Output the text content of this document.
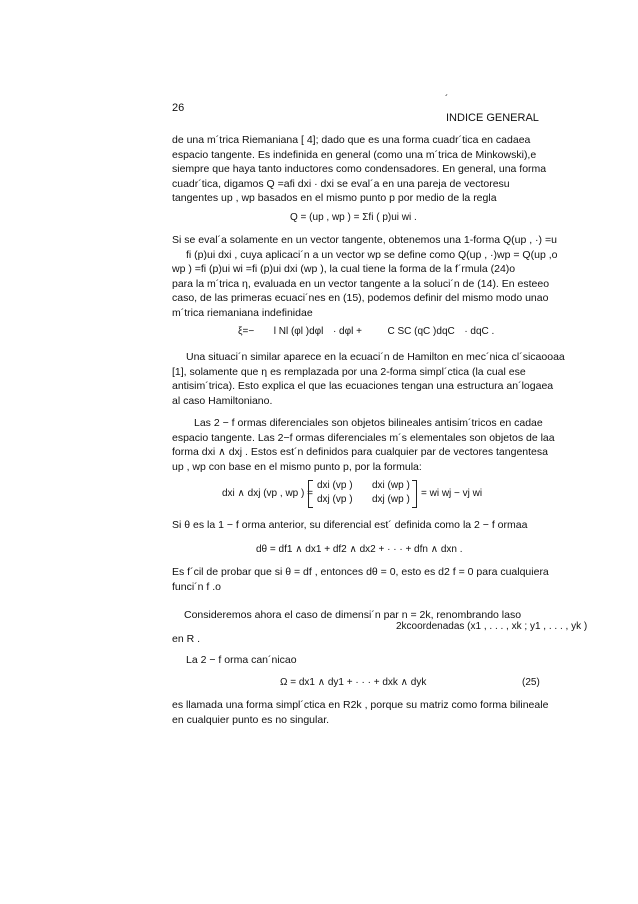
26
´
INDICE GENERAL
de una m´trica Riemaniana [ 4]; dado que es una forma cuadr´tica en cadaea
espacio tangente. Es indefinida en general (como una m´trica de Minkowski),e
siempre que haya tanto inductores como condensadores. En general, una forma
cuadr´tica, digamos Q =afi dxi · dxi se eval´a en una pareja de vectoresu
tangentes up , wp basados en el mismo punto p por medio de la regla
Q = (up , wp ) = Σfi ( p)ui wi .
Si se eval´a solamente en un vector tangente, obtenemos una 1-forma Q(up , ·) =u
fi (p)ui dxi , cuya aplicaci´n a un vector wp se define como Q(up , ·)wp = Q(up ,o
wp ) =fi (p)ui wi =fi (p)ui dxi (wp ), la cual tiene la forma de la f´rmula (24)o
para la m´trica η, evaluada en un vector tangente a la soluci´n de (14). En esteeo
caso, de las primeras ecuaci´nes en (15), podemos definir del mismo modo unao
m´trica riemaniana indefinidae
ξ=− l Nl (φl )dφl · dφl +	C SC (qC )dqC · dqC .
Una situaci´n similar aparece en la ecuaci´n de Hamilton en mec´nica cl´sicaooaa
[1], solamente que η es remplazada por una 2-forma simpl´ctica (la cual ese
antisim´trica). Esto explica el que las ecuaciones tengan una estructura an´logaea
al caso Hamiltoniano.
Las 2 − f ormas diferenciales son objetos bilineales antisim´tricos en cadae
espacio tangente. Las 2−f ormas diferenciales m´s elementales son objetos de laa
forma dxi ∧ dxj . Estos est´n definidos para cualquier par de vectores tangentesa
up , wp con base en el mismo punto p, por la formula:
dxi ∧ dxj (vp , wp ) =
dxi (vp ) dxi (wp )
dxj (vp ) dxj (wp )
= wi wj − vj wi
Si θ es la 1 − f orma anterior, su diferencial est´ definida como la 2 − f ormaa
dθ = df1 ∧ dx1 + df2 ∧ dx2 + · · · + dfn ∧ dxn .
Es f´cil de probar que si θ = df , entonces dθ = 0, esto es d2 f = 0 para cualquiera
funci´n f .o
Consideremos ahora el caso de dimensi´n par n = 2k, renombrando laso
2kcoordenadas (x1 , . . . , xk ; y1 , . . . , yk )
en R .
La 2 − f orma can´nicao
Ω = dx1 ∧ dy1 + · · · + dxk ∧ dyk	(25)
es llamada una forma simpl´ctica en R2k , porque su matriz como forma bilineale
en cualquier punto es no singular.
